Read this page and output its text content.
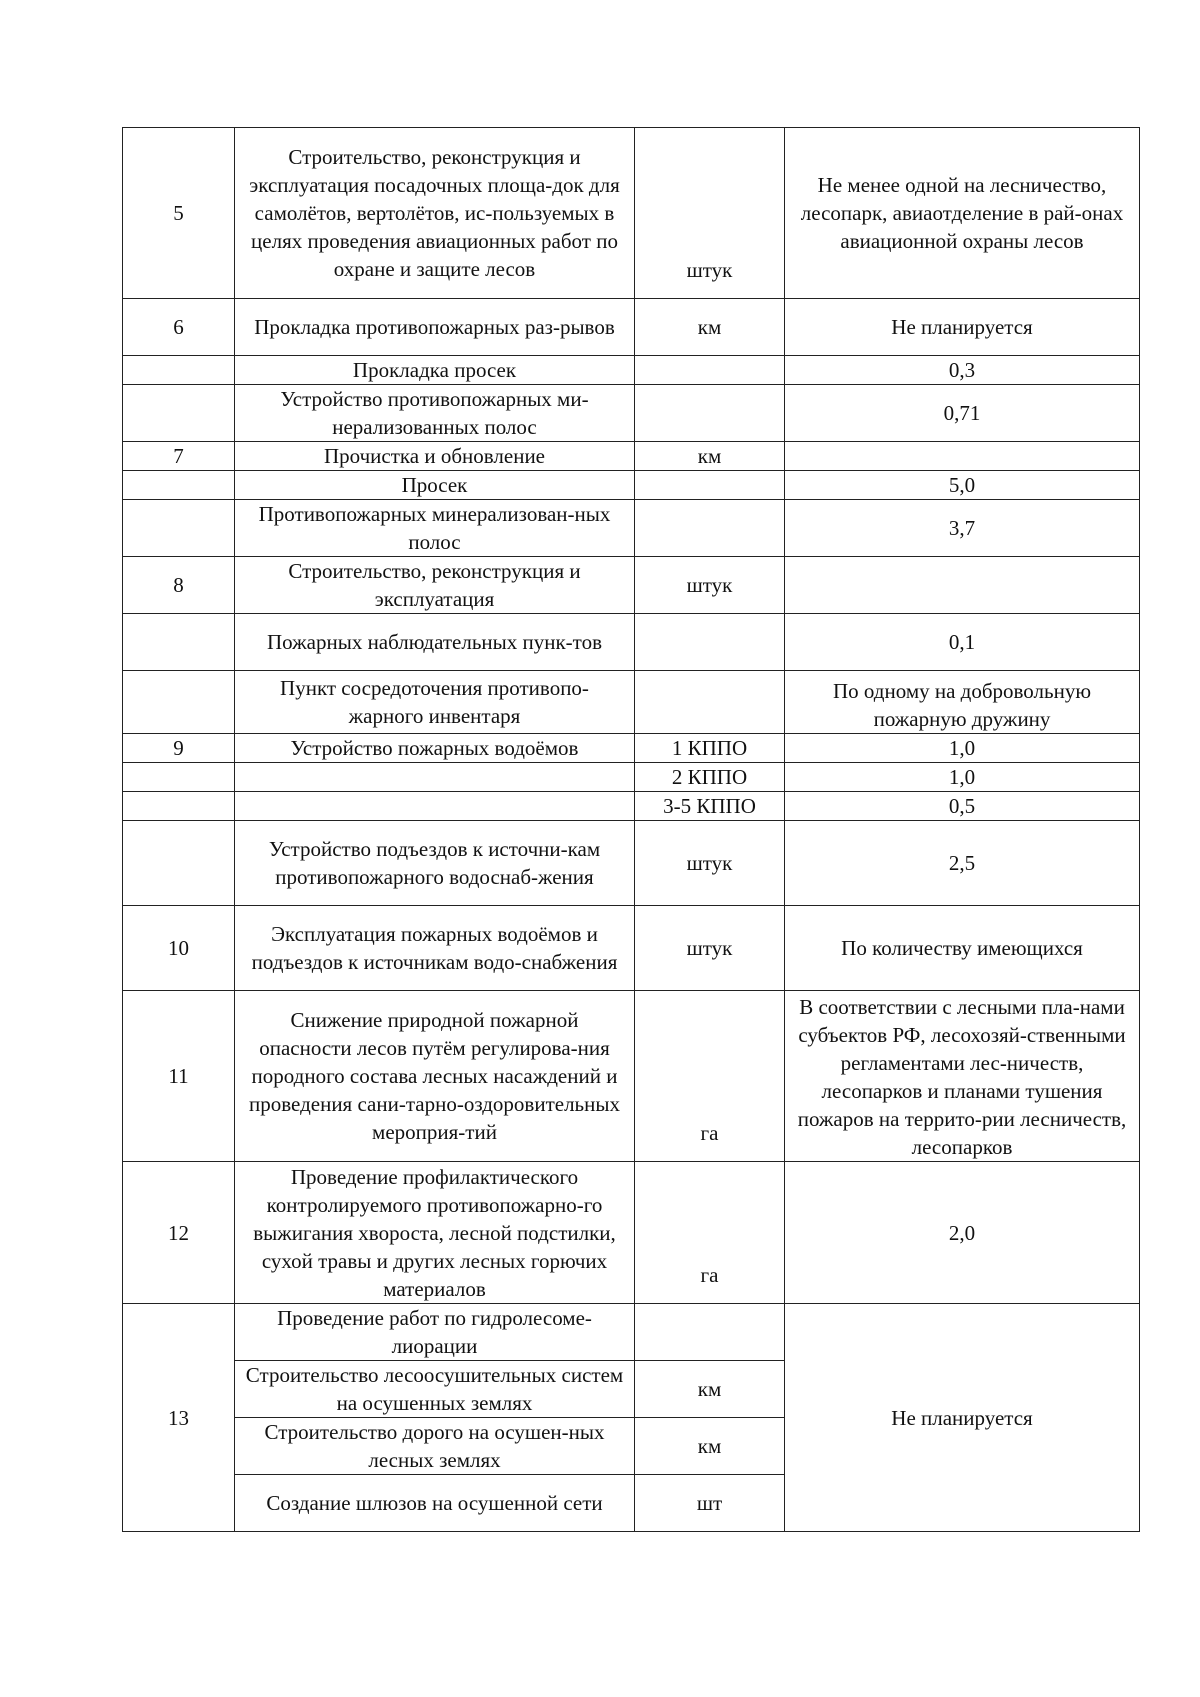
5	Строительство, реконструкция и эксплуатация посадочных площа-док для самолётов, вертолётов, ис-пользуемых в целях проведения авиационных работ по охране и защите лесов	штук	Не менее одной на лесничество, лесопарк, авиаотделение в рай-онах авиационной охраны лесов
6	Прокладка противопожарных раз-рывов	км	Не планируется
	Прокладка просек		0,3
	Устройство противопожарных ми-нерализованных полос		0,71
7	Прочистка и обновление	км	
	Просек		5,0
	Противопожарных минерализован-ных полос		3,7
8	Строительство, реконструкция и эксплуатация	штук	
	Пожарных наблюдательных пунк-тов		0,1
	Пункт сосредоточения противопо-жарного инвентаря		По одному на добровольную пожарную дружину
9	Устройство пожарных водоёмов	1 КППО	1,0
		2 КППО	1,0
		3-5 КППО	0,5
	Устройство подъездов к источни-кам противопожарного водоснаб-жения	штук	2,5
10	Эксплуатация пожарных водоёмов и подъездов к источникам водо-снабжения	штук	По количеству имеющихся
11	Снижение природной пожарной опасности лесов путём регулирова-ния породного состава лесных насаждений и проведения сани-тарно-оздоровительных мероприя-тий	га	В соответствии с лесными пла-нами субъектов РФ, лесохозяй-ственными регламентами лес-ничеств, лесопарков и планами тушения пожаров на террито-рии лесничеств, лесопарков
12	Проведение профилактического контролируемого противопожарно-го выжигания хвороста, лесной подстилки, сухой травы и других лесных горючих материалов	га	2,0
13	Проведение работ по гидролесоме-лиорации		Не планируется
	Строительство лесоосушительных систем на осушенных землях	км	
	Строительство дорого на осушен-ных лесных землях	км	
	Создание шлюзов на осушенной сети	шт	
